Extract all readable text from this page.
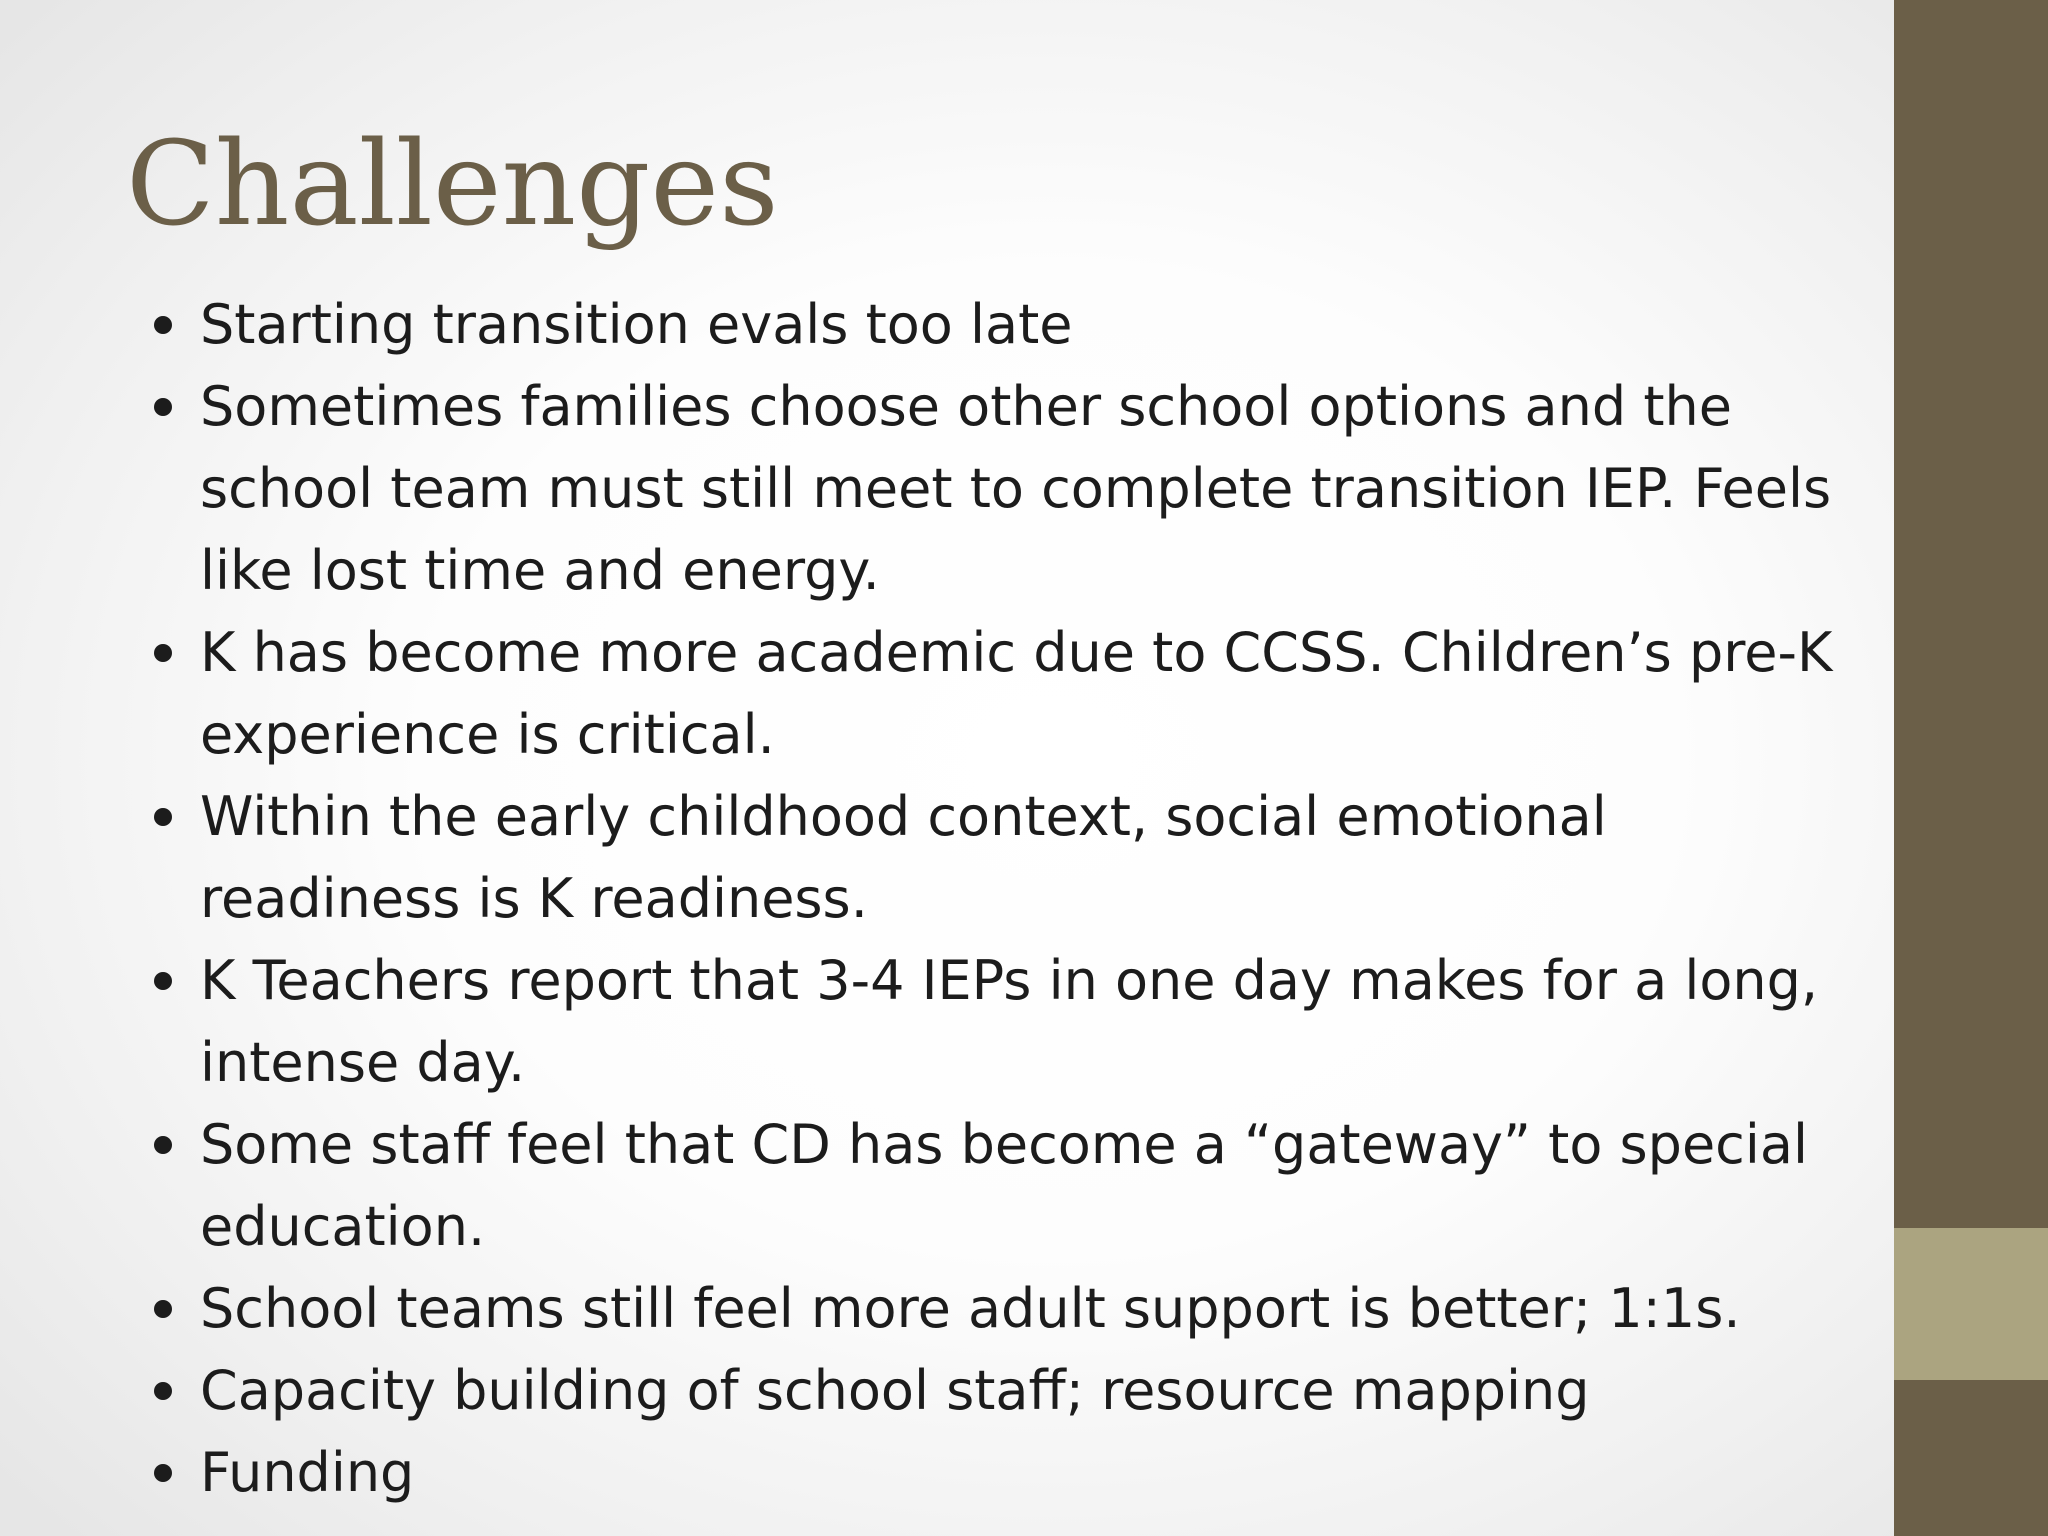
Challenges
Starting transition evals too late
Sometimes families choose other school options and the school team must still meet to complete transition IEP. Feels like lost time and energy.
K has become more academic due to CCSS. Children’s pre-K experience is critical.
Within the early childhood context, social emotional readiness is K readiness.
K Teachers report that 3-4 IEPs in one day makes for a long, intense day.
Some staff feel that CD has become a “gateway” to special education.
School teams still feel more adult support is better; 1:1s.
Capacity building of school staff; resource mapping
Funding
